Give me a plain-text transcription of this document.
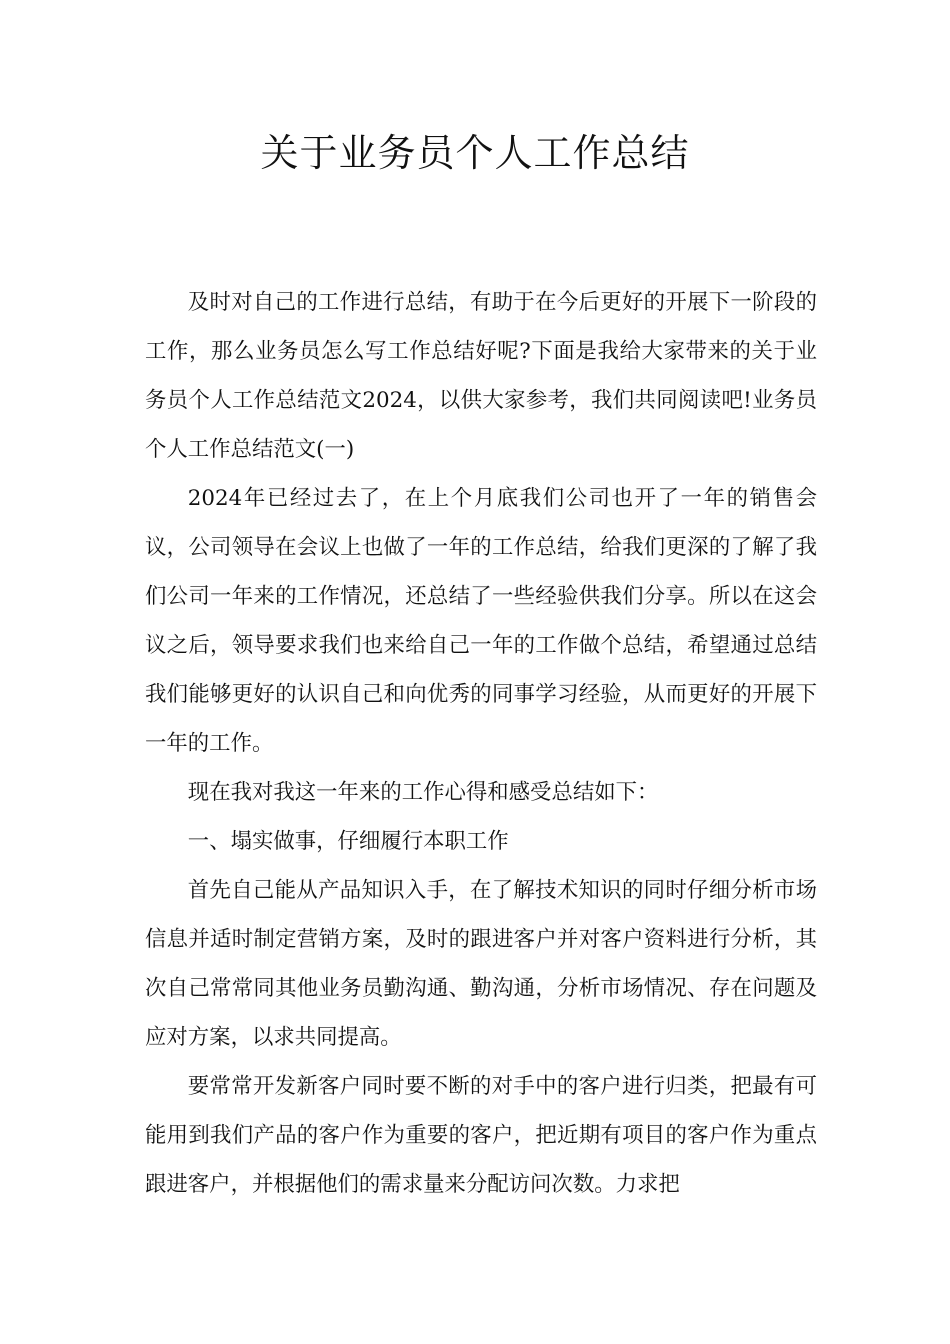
关于业务员个人工作总结

及时对自己的工作进行总结，有助于在今后更好的开展下一阶段的工作，那么业务员怎么写工作总结好呢?下面是我给大家带来的关于业务员个人工作总结范文2024，以供大家参考，我们共同阅读吧!业务员个人工作总结范文(一)

2024年已经过去了，在上个月底我们公司也开了一年的销售会议，公司领导在会议上也做了一年的工作总结，给我们更深的了解了我们公司一年来的工作情况，还总结了一些经验供我们分享。所以在这会议之后，领导要求我们也来给自己一年的工作做个总结，希望通过总结我们能够更好的认识自己和向优秀的同事学习经验，从而更好的开展下一年的工作。

现在我对我这一年来的工作心得和感受总结如下：

一、塌实做事，仔细履行本职工作

首先自己能从产品知识入手，在了解技术知识的同时仔细分析市场信息并适时制定营销方案，及时的跟进客户并对客户资料进行分析，其次自己常常同其他业务员勤沟通、勤沟通，分析市场情况、存在问题及应对方案，以求共同提高。

要常常开发新客户同时要不断的对手中的客户进行归类，把最有可能用到我们产品的客户作为重要的客户，把近期有项目的客户作为重点跟进客户，并根据他们的需求量来分配访问次数。力求把
